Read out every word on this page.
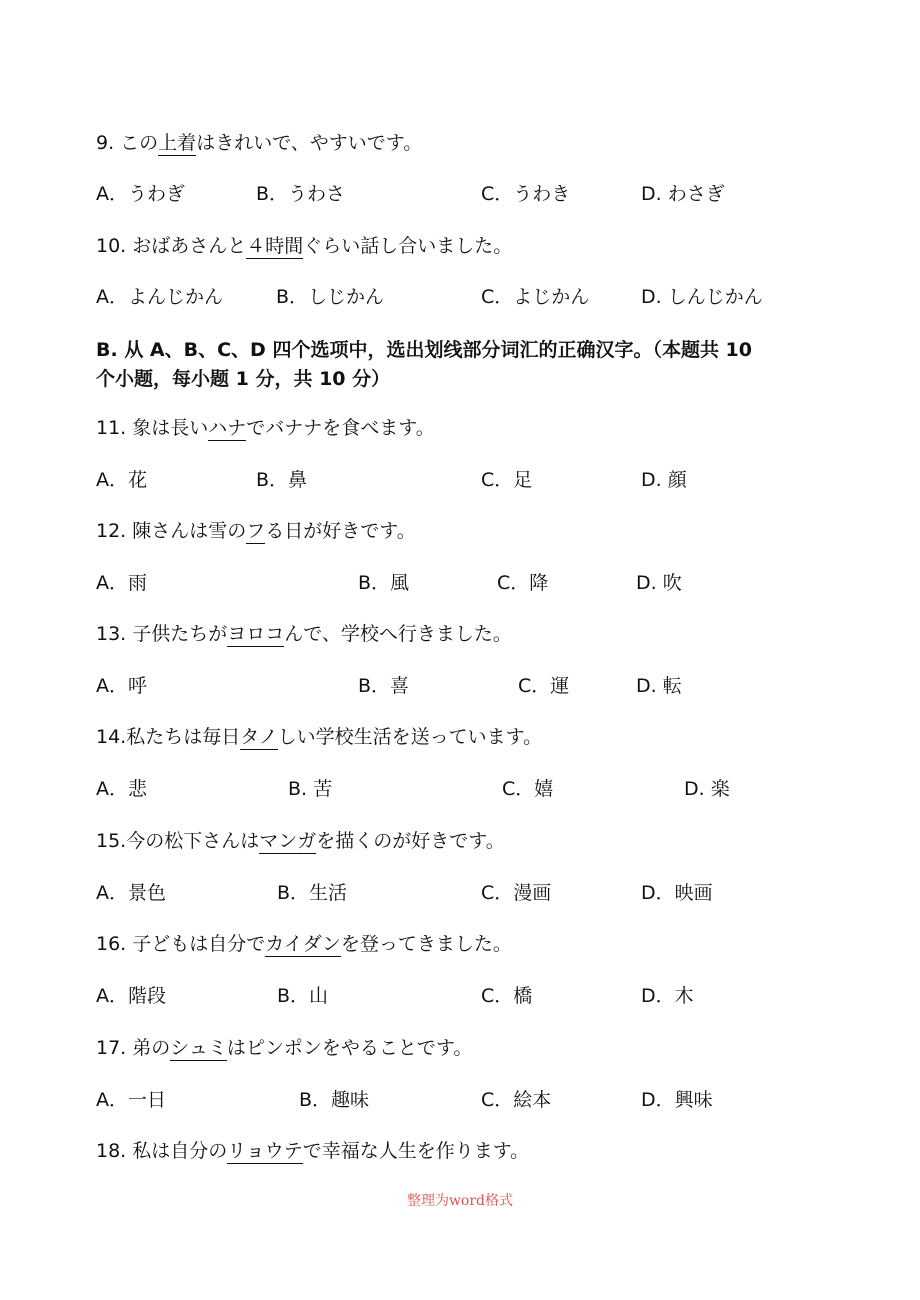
9. この上着はきれいで、やすいです。
A．うわぎ	B．うわさ	C．うわき	D. わさぎ
10. おばあさんと４時間ぐらい話し合いました。
A．よんじかん	B．しじかん	C．よじかん	D. しんじかん
B. 从 A、B、C、D 四个选项中，选出划线部分词汇的正确汉字。（本题共 10
个小题，每小题 1 分，共 10 分）
11. 象は長いハナでバナナを食べます。
A．花	B．鼻	C．足	D. 顔
12. 陳さんは雪のフる日が好きです。
A．雨	B．風	C．降	D. 吹
13. 子供たちがヨロコんで、学校へ行きました。
A．呼	B．喜	C．運	D. 転
14.私たちは毎日タノしい学校生活を送っています。
A．悲	B. 苦	C．嬉	D. 楽
15.今の松下さんはマンガを描くのが好きです。
A．景色	B．生活	C．漫画	D．映画
16. 子どもは自分でカイダンを登ってきました。
A．階段	B．山	C．橋	D．木
17. 弟のシュミはピンポンをやることです。
A．一日	B．趣味	C．絵本	D．興味
18. 私は自分のリョウテで幸福な人生を作ります。
整理为word格式
